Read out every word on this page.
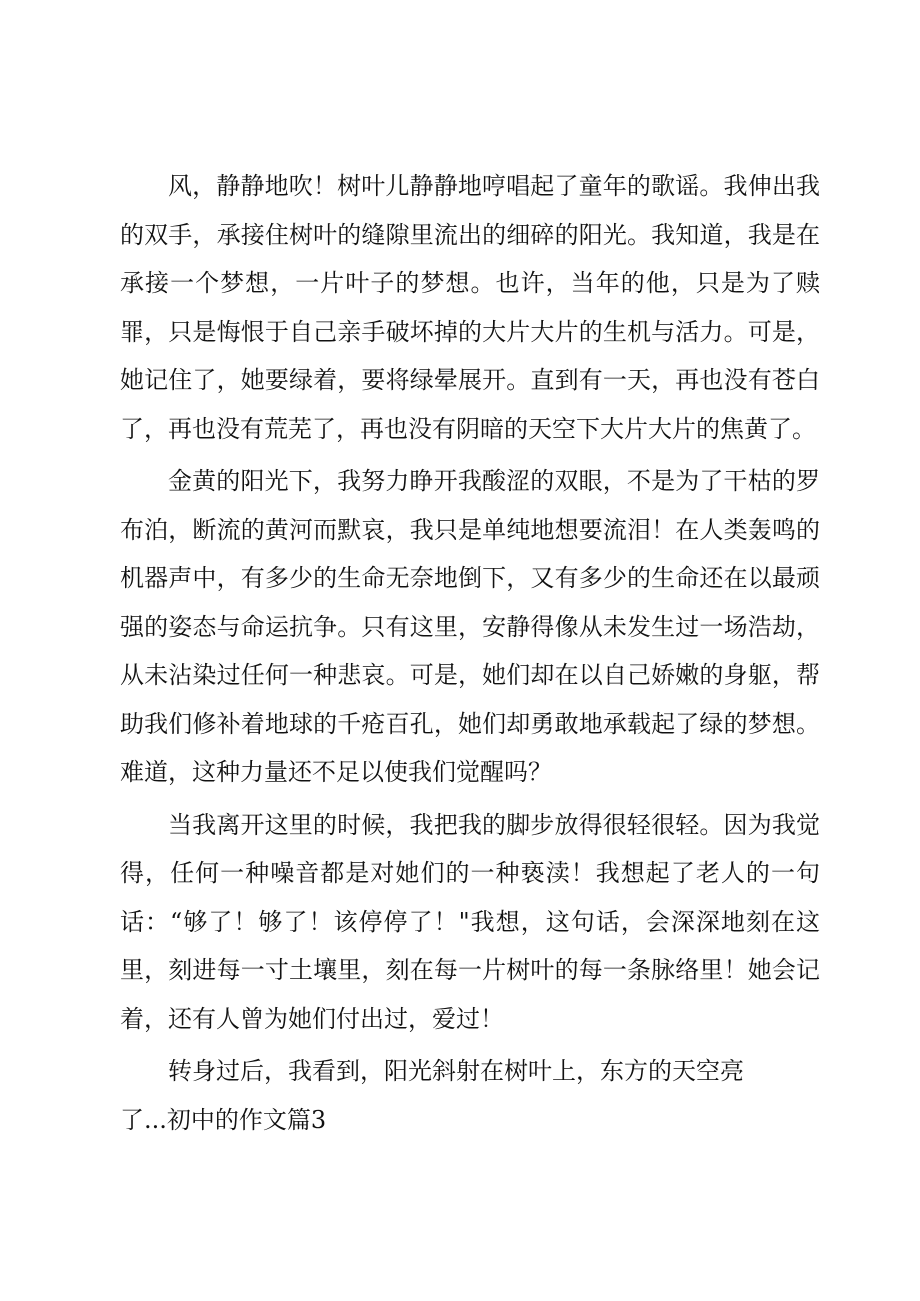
风，静静地吹！树叶儿静静地哼唱起了童年的歌谣。我伸出我的双手，承接住树叶的缝隙里流出的细碎的阳光。我知道，我是在承接一个梦想，一片叶子的梦想。也许，当年的他，只是为了赎罪，只是悔恨于自己亲手破坏掉的大片大片的生机与活力。可是，她记住了，她要绿着，要将绿晕展开。直到有一天，再也没有苍白了，再也没有荒芜了，再也没有阴暗的天空下大片大片的焦黄了。

金黄的阳光下，我努力睁开我酸涩的双眼，不是为了干枯的罗布泊，断流的黄河而默哀，我只是单纯地想要流泪！在人类轰鸣的机器声中，有多少的生命无奈地倒下，又有多少的生命还在以最顽强的姿态与命运抗争。只有这里，安静得像从未发生过一场浩劫，从未沾染过任何一种悲哀。可是，她们却在以自己娇嫩的身躯，帮助我们修补着地球的千疮百孔，她们却勇敢地承载起了绿的梦想。难道，这种力量还不足以使我们觉醒吗？

当我离开这里的时候，我把我的脚步放得很轻很轻。因为我觉得，任何一种噪音都是对她们的一种亵渎！我想起了老人的一句话：“够了！够了！该停停了！"我想，这句话，会深深地刻在这里，刻进每一寸土壤里，刻在每一片树叶的每一条脉络里！她会记着，还有人曾为她们付出过，爱过！

转身过后，我看到，阳光斜射在树叶上，东方的天空亮了...初中的作文篇3
